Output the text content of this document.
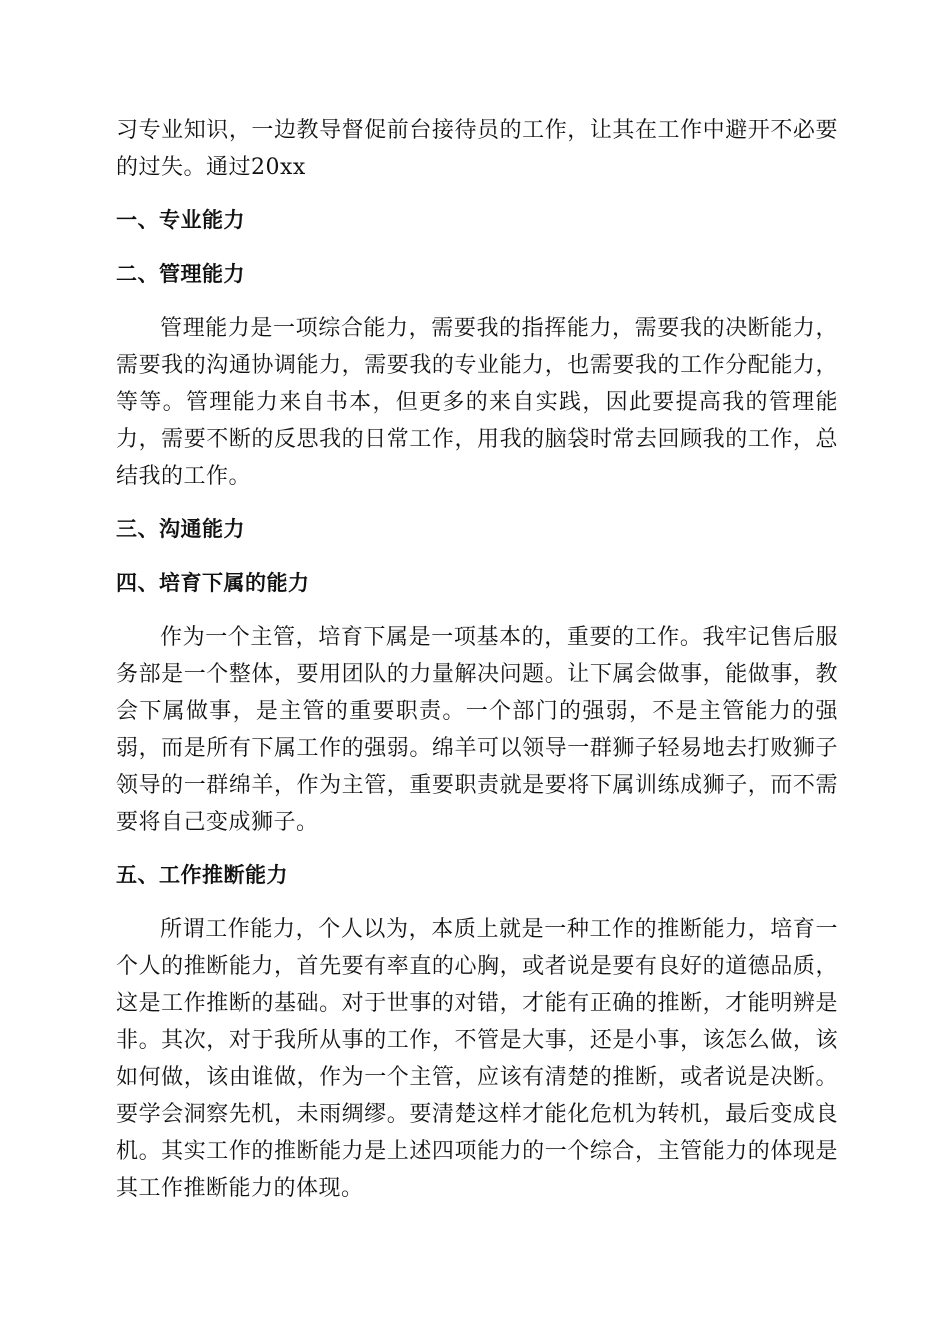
习专业知识，一边教导督促前台接待员的工作，让其在工作中避开不必要的过失。通过20xx

一、专业能力

二、管理能力

管理能力是一项综合能力，需要我的指挥能力，需要我的决断能力，需要我的沟通协调能力，需要我的专业能力，也需要我的工作分配能力，等等。管理能力来自书本，但更多的来自实践，因此要提高我的管理能力，需要不断的反思我的日常工作，用我的脑袋时常去回顾我的工作，总结我的工作。

三、沟通能力

四、培育下属的能力

作为一个主管，培育下属是一项基本的，重要的工作。我牢记售后服务部是一个整体，要用团队的力量解决问题。让下属会做事，能做事，教会下属做事，是主管的重要职责。一个部门的强弱，不是主管能力的强弱，而是所有下属工作的强弱。绵羊可以领导一群狮子轻易地去打败狮子领导的一群绵羊，作为主管，重要职责就是要将下属训练成狮子，而不需要将自己变成狮子。

五、工作推断能力

所谓工作能力，个人以为，本质上就是一种工作的推断能力，培育一个人的推断能力，首先要有率直的心胸，或者说是要有良好的道德品质，这是工作推断的基础。对于世事的对错，才能有正确的推断，才能明辨是非。其次，对于我所从事的工作，不管是大事，还是小事，该怎么做，该如何做，该由谁做，作为一个主管，应该有清楚的推断，或者说是决断。要学会洞察先机，未雨绸缪。要清楚这样才能化危机为转机，最后变成良机。其实工作的推断能力是上述四项能力的一个综合，主管能力的体现是其工作推断能力的体现。
